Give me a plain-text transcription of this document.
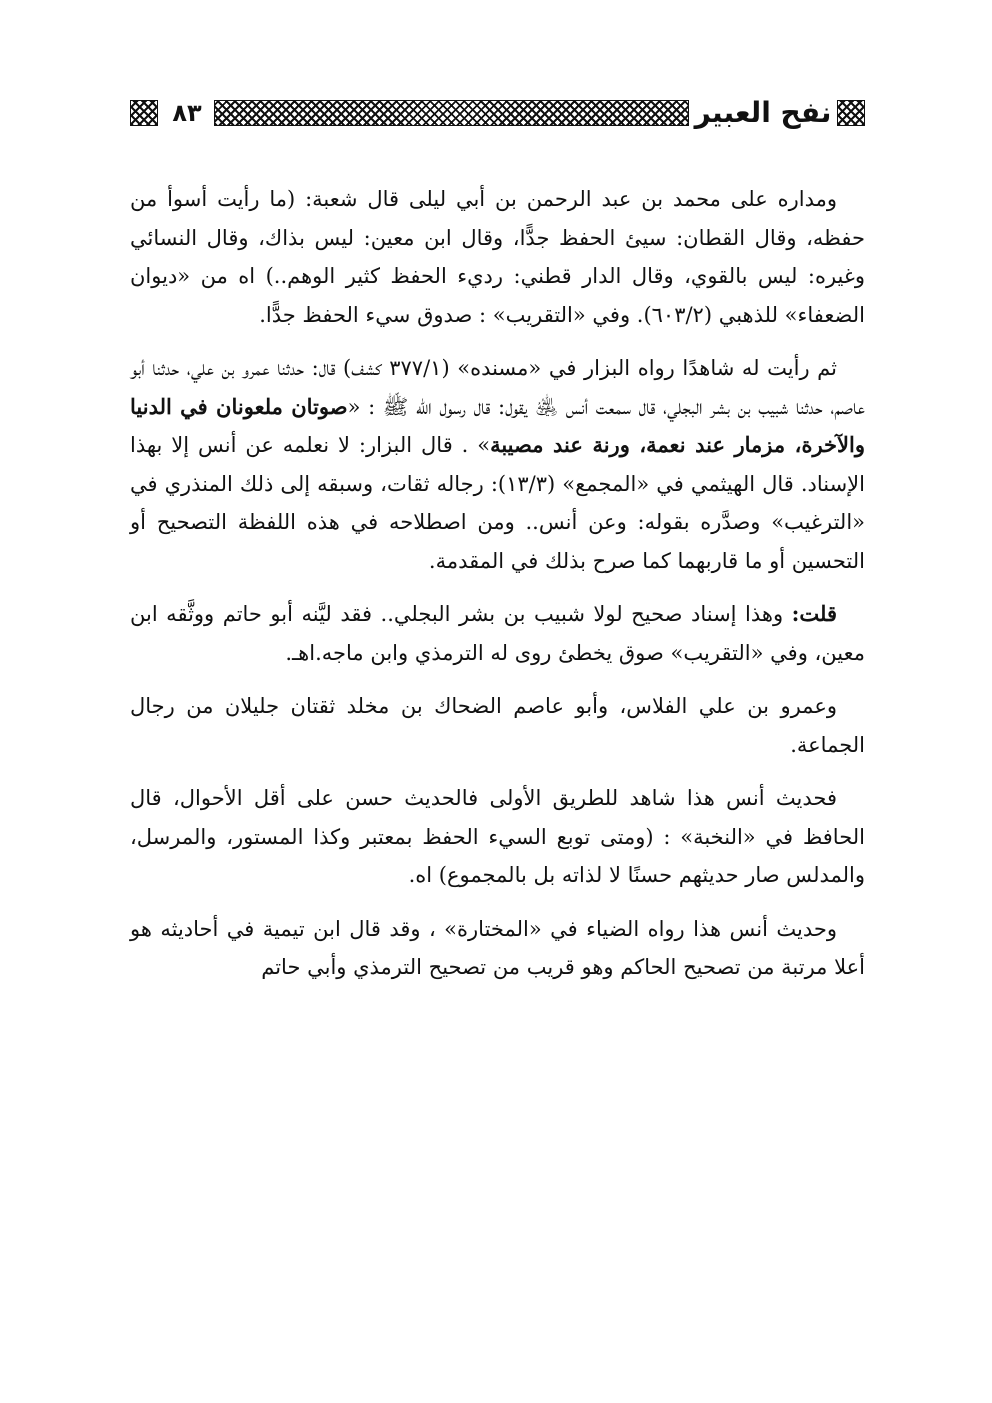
٨٣	نفح العبير

ومداره على محمد بن عبد الرحمن بن أبي ليلى قال شعبة: (ما رأيت أسوأ من حفظه، وقال القطان: سيئ الحفظ جدًّا، وقال ابن معين: ليس بذاك، وقال النسائي وغيره: ليس بالقوي، وقال الدار قطني: رديء الحفظ كثير الوهم..) اه من «ديوان الضعفاء» للذهبي (٦٠٣/٢). وفي «التقريب» : صدوق سيء الحفظ جدًّا.

ثم رأيت له شاهدًا رواه البزار في «مسنده» (٣٧٧/١ كشف) قال: حدثنا عمرو بن علي، حدثنا أبو عاصم، حدثنا شبيب بن بشر البجلي، قال سمعت أنس ﵁ يقول: قال رسول الله ﷺ : «صوتان ملعونان في الدنيا والآخرة، مزمار عند نعمة، ورنة عند مصيبة» . قال البزار: لا نعلمه عن أنس إلا بهذا الإسناد. قال الهيثمي في «المجمع» (١٣/٣): رجاله ثقات، وسبقه إلى ذلك المنذري في «الترغيب» وصدَّره بقوله: وعن أنس.. ومن اصطلاحه في هذه اللفظة التصحيح أو التحسين أو ما قاربهما كما صرح بذلك في المقدمة.

قلت: وهذا إسناد صحيح لولا شبيب بن بشر البجلي.. فقد ليَّنه أبو حاتم ووثَّقه ابن معين، وفي «التقريب» صوق يخطئ روى له الترمذي وابن ماجه.اهـ.

وعمرو بن علي الفلاس، وأبو عاصم الضحاك بن مخلد ثقتان جليلان من رجال الجماعة.

فحديث أنس هذا شاهد للطريق الأولى فالحديث حسن على أقل الأحوال، قال الحافظ في «النخبة» : (ومتى توبع السيء الحفظ بمعتبر وكذا المستور، والمرسل، والمدلس صار حديثهم حسنًا لا لذاته بل بالمجموع) اه.

وحديث أنس هذا رواه الضياء في «المختارة» ، وقد قال ابن تيمية في أحاديثه هو أعلا مرتبة من تصحيح الحاكم وهو قريب من تصحيح الترمذي وأبي حاتم
